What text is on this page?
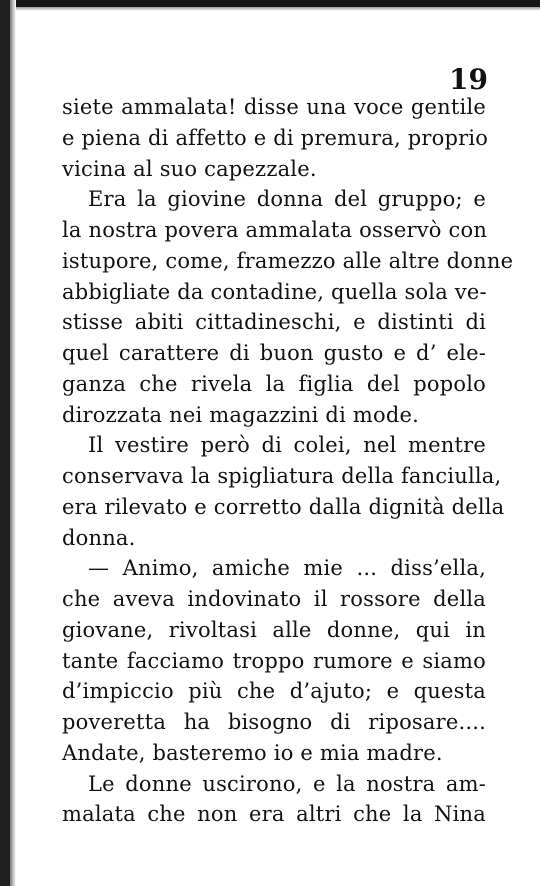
19
siete ammalata! disse una voce gentile
e piena di affetto e di premura, proprio
vicina al suo capezzale.
Era la giovine donna del gruppo; e
la nostra povera ammalata osservò con
istupore, come, framezzo alle altre donne
abbigliate da contadine, quella sola ve-
stisse abiti cittadineschi, e distinti di
quel carattere di buon gusto e d’ ele-
ganza che rivela la figlia del popolo
dirozzata nei magazzini di mode.
Il vestire però di colei, nel mentre
conservava la spigliatura della fanciulla,
era rilevato e corretto dalla dignità della
donna.
— Animo, amiche mie ... diss’ella,
che aveva indovinato il rossore della
giovane, rivoltasi alle donne, qui in
tante facciamo troppo rumore e siamo
d’impiccio più che d’ajuto; e questa
poveretta ha bisogno di riposare....
Andate, basteremo io e mia madre.
Le donne uscirono, e la nostra am-
malata che non era altri che la Nina
